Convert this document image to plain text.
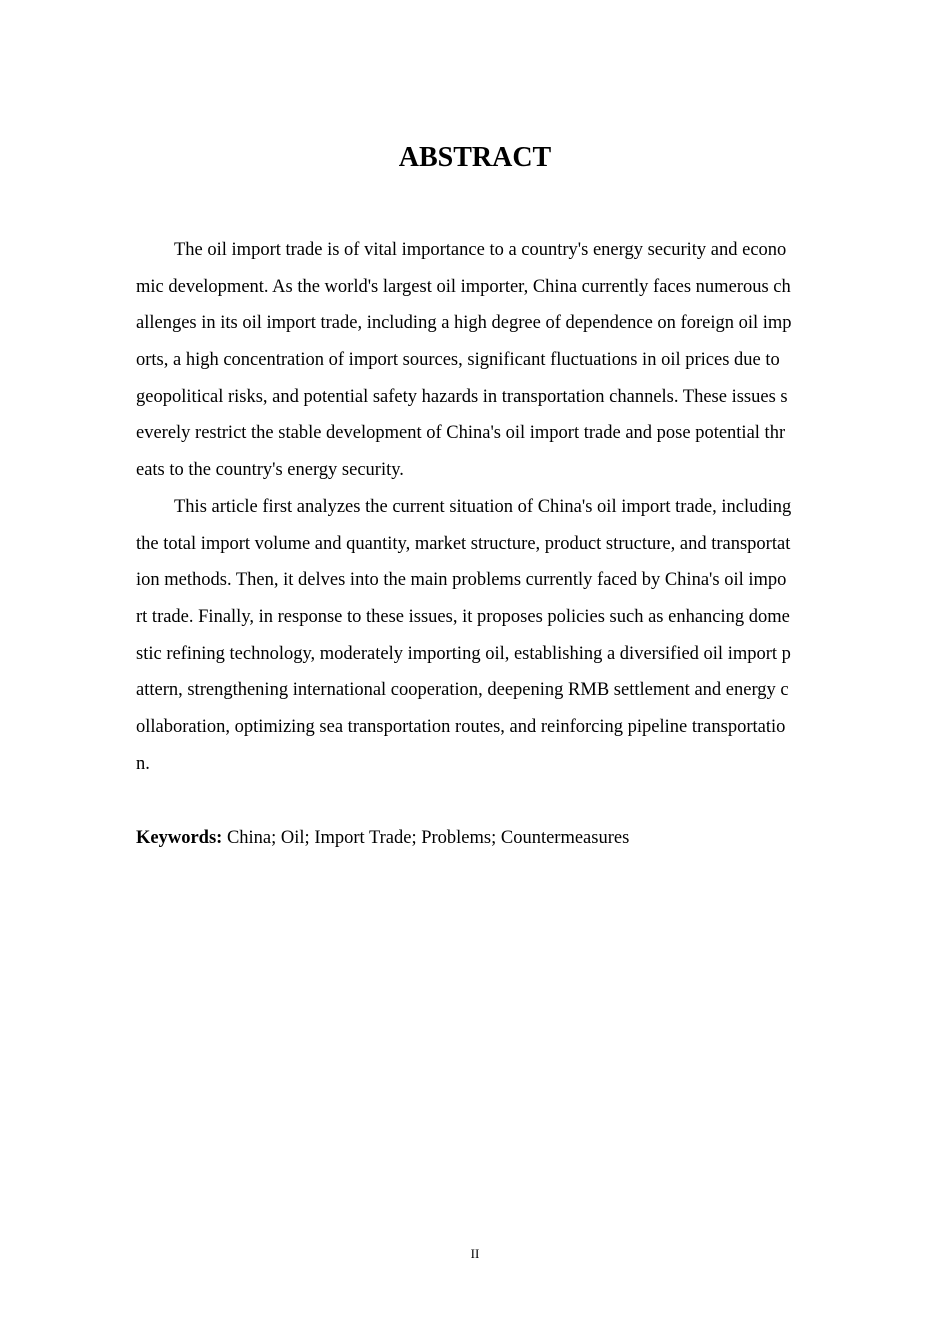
ABSTRACT
The oil import trade is of vital importance to a country's energy security and econo
mic development. As the world's largest oil importer, China currently faces numerous ch
allenges in its oil import trade, including a high degree of dependence on foreign oil imp
orts, a high concentration of import sources, significant fluctuations in oil prices due to
geopolitical risks, and potential safety hazards in transportation channels. These issues s
everely restrict the stable development of China's oil import trade and pose potential thr
eats to the country's energy security.
This article first analyzes the current situation of China's oil import trade, including
the total import volume and quantity, market structure, product structure, and transportat
ion methods. Then, it delves into the main problems currently faced by China's oil impo
rt trade. Finally, in response to these issues, it proposes policies such as enhancing dome
stic refining technology, moderately importing oil, establishing a diversified oil import p
attern, strengthening international cooperation, deepening RMB settlement and energy c
ollaboration, optimizing sea transportation routes, and reinforcing pipeline transportatio
n.
Keywords: China; Oil; Import Trade; Problems; Countermeasures
II
